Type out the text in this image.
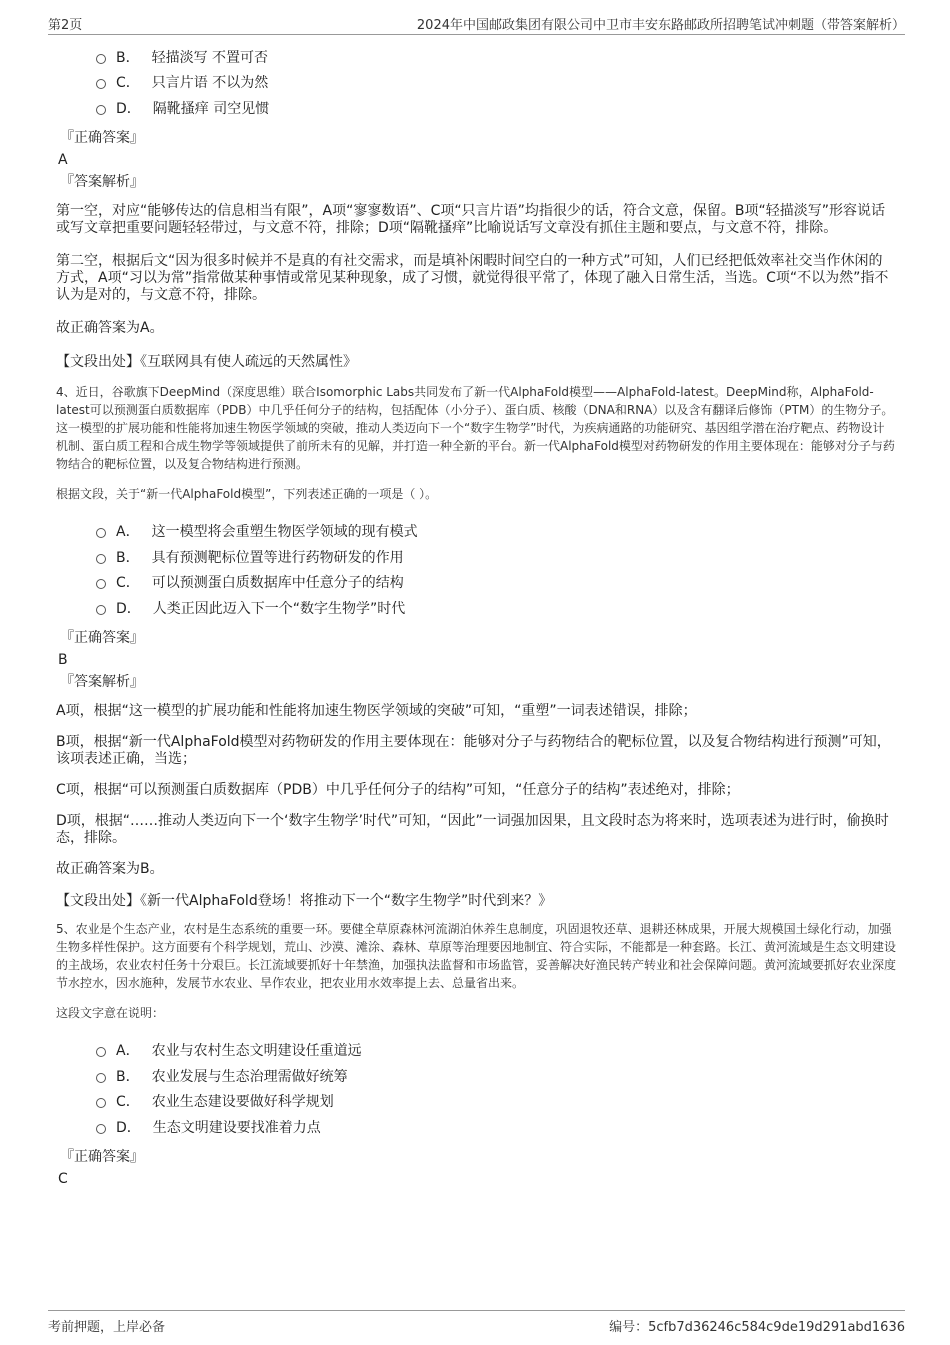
第2页	2024年中国邮政集团有限公司中卫市丰安东路邮政所招聘笔试冲刺题（带答案解析）
B． 轻描淡写 不置可否
C． 只言片语 不以为然
D． 隔靴搔痒 司空见惯
『正确答案』
A
『答案解析』

第一空，对应“能够传达的信息相当有限”，A项“寥寥数语”、C项“只言片语”均指很少的话，符合文意，保留。B项“轻描淡写”形容说话或写文章把重要问题轻轻带过，与文意不符，排除；D项“隔靴搔痒”比喻说话写文章没有抓住主题和要点，与文意不符，排除。

第二空，根据后文“因为很多时候并不是真的有社交需求，而是填补闲暇时间空白的一种方式”可知，人们已经把低效率社交当作休闲的方式，A项“习以为常”指常做某种事情或常见某种现象，成了习惯，就觉得很平常了，体现了融入日常生活，当选。C项“不以为然”指不认为是对的，与文意不符，排除。

故正确答案为A。

【文段出处】《互联网具有使人疏远的天然属性》

4、近日，谷歌旗下DeepMind（深度思维）联合Isomorphic Labs共同发布了新一代AlphaFold模型——AlphaFold-latest。DeepMind称，AlphaFold-latest可以预测蛋白质数据库（PDB）中几乎任何分子的结构，包括配体（小分子）、蛋白质、核酸（DNA和RNA）以及含有翻译后修饰（PTM）的生物分子。这一模型的扩展功能和性能将加速生物医学领域的突破，推动人类迈向下一个“数字生物学”时代，为疾病通路的功能研究、基因组学潜在治疗靶点、药物设计机制、蛋白质工程和合成生物学等领域提供了前所未有的见解，并打造一种全新的平台。新一代AlphaFold模型对药物研发的作用主要体现在：能够对分子与药物结合的靶标位置，以及复合物结构进行预测。

根据文段，关于“新一代AlphaFold模型”，下列表述正确的一项是（ ）。

A． 这一模型将会重塑生物医学领域的现有模式
B． 具有预测靶标位置等进行药物研发的作用
C． 可以预测蛋白质数据库中任意分子的结构
D． 人类正因此迈入下一个“数字生物学”时代
『正确答案』
B
『答案解析』

A项，根据“这一模型的扩展功能和性能将加速生物医学领域的突破”可知，“重塑”一词表述错误，排除；

B项，根据“新一代AlphaFold模型对药物研发的作用主要体现在：能够对分子与药物结合的靶标位置，以及复合物结构进行预测”可知，该项表述正确，当选；

C项，根据“可以预测蛋白质数据库（PDB）中几乎任何分子的结构”可知，“任意分子的结构”表述绝对，排除；

D项，根据“……推动人类迈向下一个‘数字生物学’时代”可知，“因此”一词强加因果，且文段时态为将来时，选项表述为进行时，偷换时态，排除。

故正确答案为B。

【文段出处】《新一代AlphaFold登场！将推动下一个“数字生物学”时代到来？》

5、农业是个生态产业，农村是生态系统的重要一环。要健全草原森林河流湖泊休养生息制度，巩固退牧还草、退耕还林成果，开展大规模国土绿化行动，加强生物多样性保护。这方面要有个科学规划，荒山、沙漠、滩涂、森林、草原等治理要因地制宜、符合实际，不能都是一种套路。长江、黄河流域是生态文明建设的主战场，农业农村任务十分艰巨。长江流域要抓好十年禁渔，加强执法监督和市场监管，妥善解决好渔民转产转业和社会保障问题。黄河流域要抓好农业深度节水控水，因水施种，发展节水农业、旱作农业，把农业用水效率提上去、总量省出来。

这段文字意在说明：

A． 农业与农村生态文明建设任重道远
B． 农业发展与生态治理需做好统筹
C． 农业生态建设要做好科学规划
D． 生态文明建设要找准着力点
『正确答案』
C
考前押题，上岸必备	编号：5cfb7d36246c584c9de19d291abd1636
